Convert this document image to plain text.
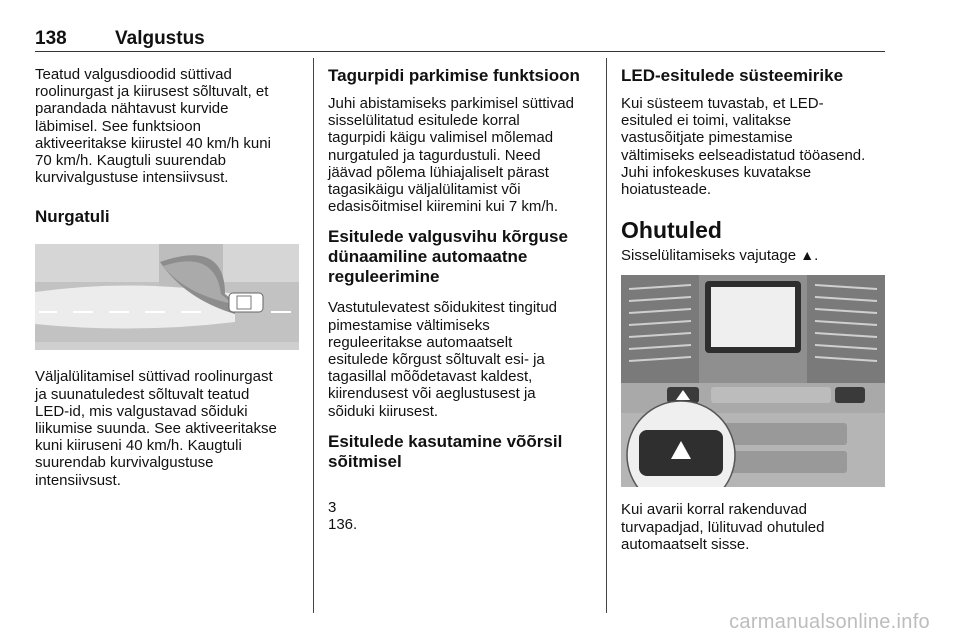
138	Valgustus

Teatud valgusdioodid süttivad
roolinurgast ja kiirusest sõltuvalt, et
parandada nähtavust kurvide
läbimisel. See funktsioon
aktiveeritakse kiirustel 40 km/h kuni
70 km/h. Kaugtuli suurendab
kurvivalgustuse intensiivsust.

Nurgatuli

Väljalülitamisel süttivad roolinurgast
ja suunatuledest sõltuvalt teatud
LED-id, mis valgustavad sõiduki
liikumise suunda. See aktiveeritakse
kuni kiiruseni 40 km/h. Kaugtuli
suurendab kurvivalgustuse
intensiivsust.

Tagurpidi parkimise funktsioon

Juhi abistamiseks parkimisel süttivad
sisselülitatud esitulede korral
tagurpidi käigu valimisel mõlemad
nurgatuled ja tagurdustuli. Need
jäävad põlema lühiajaliselt pärast
tagasikäigu väljalülitamist või
edasisõitmisel kiiremini kui 7 km/h.

Esitulede valgusvihu kõrguse
dünaamiline automaatne
reguleerimine

Vastutulevatest sõidukitest tingitud
pimestamise vältimiseks
reguleeritakse automaatselt
esitulede kõrgust sõltuvalt esi- ja
tagasillal mõõdetavast kaldest,
kiirendusest või aeglustusest ja
sõiduki kiirusest.

Esitulede kasutamine võõrsil
sõitmisel

3
136.

LED-esitulede süsteemirike

Kui süsteem tuvastab, et LED-
esituled ei toimi, valitakse
vastusõitjate pimestamise
vältimiseks eelseadistatud tööasend.
Juhi infokeskuses kuvatakse
hoiatusteade.

Ohutuled

Sisselülitamiseks vajutage ▲.

Kui avarii korral rakenduvad
turvapadjad, lülituvad ohutuled
automaatselt sisse.

carmanualsonline.info
